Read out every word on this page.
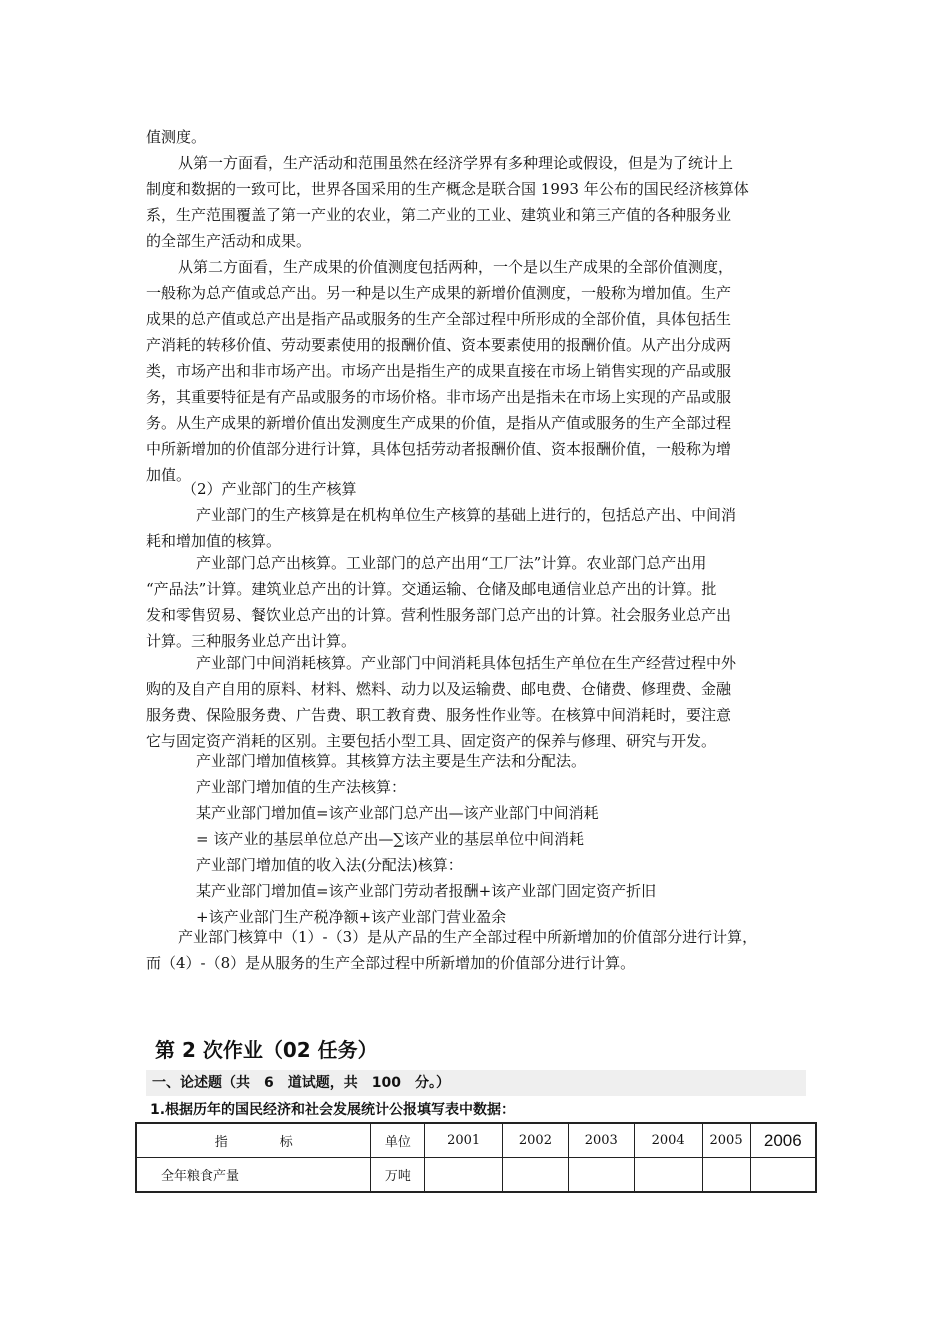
值测度。
从第一方面看，生产活动和范围虽然在经济学界有多种理论或假设，但是为了统计上
制度和数据的一致可比，世界各国采用的生产概念是联合国 1993 年公布的国民经济核算体
系，生产范围覆盖了第一产业的农业，第二产业的工业、建筑业和第三产值的各种服务业
的全部生产活动和成果。
从第二方面看，生产成果的价值测度包括两种，一个是以生产成果的全部价值测度，
一般称为总产值或总产出。另一种是以生产成果的新增价值测度，一般称为增加值。生产
成果的总产值或总产出是指产品或服务的生产全部过程中所形成的全部价值，具体包括生
产消耗的转移价值、劳动要素使用的报酬价值、资本要素使用的报酬价值。从产出分成两
类，市场产出和非市场产出。市场产出是指生产的成果直接在市场上销售实现的产品或服
务，其重要特征是有产品或服务的市场价格。非市场产出是指未在市场上实现的产品或服
务。从生产成果的新增价值出发测度生产成果的价值，是指从产值或服务的生产全部过程
中所新增加的价值部分进行计算，具体包括劳动者报酬价值、资本报酬价值，一般称为增
加值。
（2）产业部门的生产核算
产业部门的生产核算是在机构单位生产核算的基础上进行的，包括总产出、中间消
耗和增加值的核算。
产业部门总产出核算。工业部门的总产出用“工厂法”计算。农业部门总产出用
“产品法”计算。建筑业总产出的计算。交通运输、仓储及邮电通信业总产出的计算。批
发和零售贸易、餐饮业总产出的计算。营利性服务部门总产出的计算。社会服务业总产出
计算。三种服务业总产出计算。
产业部门中间消耗核算。产业部门中间消耗具体包括生产单位在生产经营过程中外
购的及自产自用的原料、材料、燃料、动力以及运输费、邮电费、仓储费、修理费、金融
服务费、保险服务费、广告费、职工教育费、服务性作业等。在核算中间消耗时，要注意
它与固定资产消耗的区别。主要包括小型工具、固定资产的保养与修理、研究与开发。
产业部门增加值核算。其核算方法主要是生产法和分配法。
产业部门增加值的生产法核算：
某产业部门增加值=该产业部门总产出—该产业部门中间消耗
= 该产业的基层单位总产出—∑该产业的基层单位中间消耗
产业部门增加值的收入法(分配法)核算：
某产业部门增加值=该产业部门劳动者报酬+该产业部门固定资产折旧
+该产业部门生产税净额+该产业部门营业盈余
产业部门核算中（1）-（3）是从产品的生产全部过程中所新增加的价值部分进行计算，
而（4）-（8）是从服务的生产全部过程中所新增加的价值部分进行计算。
第 2 次作业（02 任务）
一、论述题（共　6　道试题，共　100　分。）

1.根据历年的国民经济和社会发展统计公报填写表中数据：

指　　　　标	单位	2001	2002	2003	2004	2005	2006
全年粮食产量	万吨						
